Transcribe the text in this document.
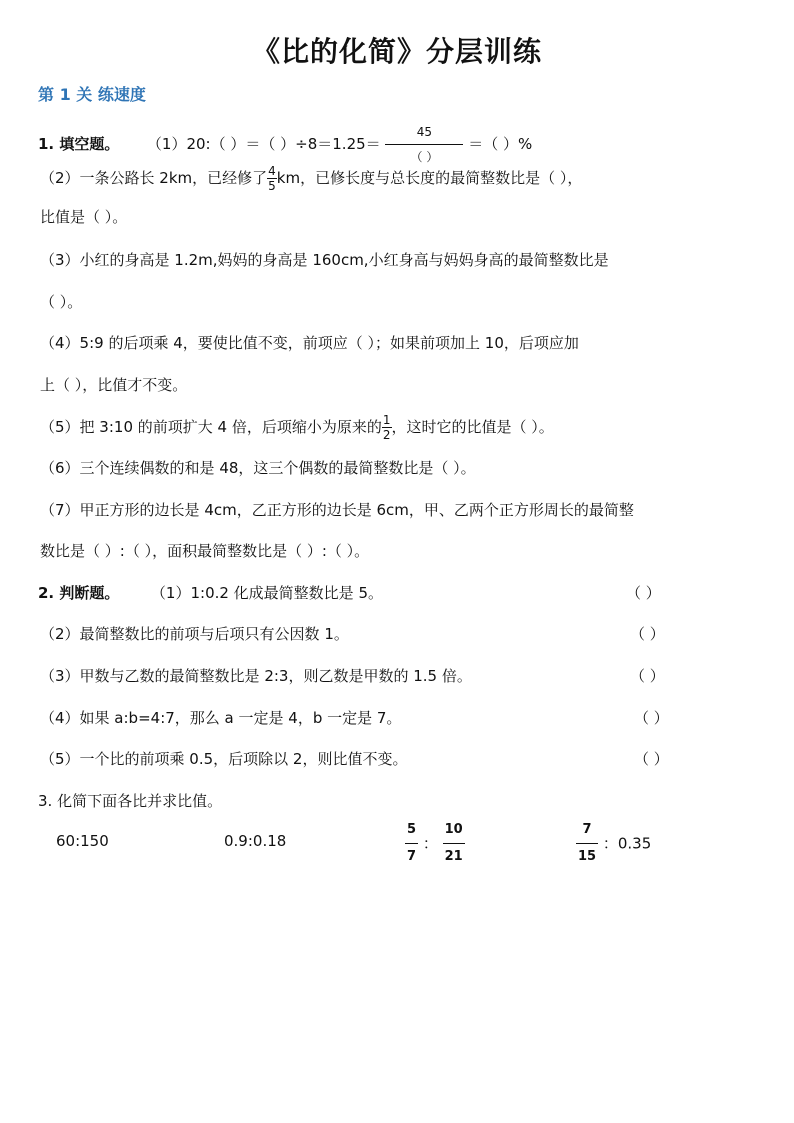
《比的化简》分层训练
第 1 关 练速度
1. 填空题。 （1）20:（ ）＝（ ）÷8＝1.25＝
45
（ ）
＝（ ）%
（2）一条公路长 2km，已经修了 $\frac{4}{5}$ km，已修长度与总长度的最简整数比是（ ），
比值是（ ）。
（3）小红的身高是 1.2m,妈妈的身高是 160cm,小红身高与妈妈身高的最简整数比是
（ ）。
（4）5:9 的后项乘 4，要使比值不变，前项应（ ）；如果前项加上 10，后项应加
上（ ），比值才不变。
（5）把 3:10 的前项扩大 4 倍，后项缩小为原来的 $\frac{1}{2}$ ，这时它的比值是（ ）。
（6）三个连续偶数的和是 48，这三个偶数的最简整数比是（ ）。
（7）甲正方形的边长是 4cm，乙正方形的边长是 6cm，甲、乙两个正方形周长的最简整
数比是（ ）:（ ），面积最简整数比是（ ）:（ ）。
2. 判断题。 （1）1:0.2 化成最简整数比是 5。	（ ）
（2）最简整数比的前项与后项只有公因数 1。	（ ）
（3）甲数与乙数的最简整数比是 2:3，则乙数是甲数的 1.5 倍。	（ ）
（4）如果 a:b=4:7，那么 a 一定是 4，b 一定是 7。	（ ）
（5）一个比的前项乘 0.5，后项除以 2，则比值不变。	（ ）
3. 化简下面各比并求比值。
60:150	0.9:0.18	$\frac{5}{7}$ ： $\frac{10}{21}$	$\frac{7}{15}$ ：0.35
